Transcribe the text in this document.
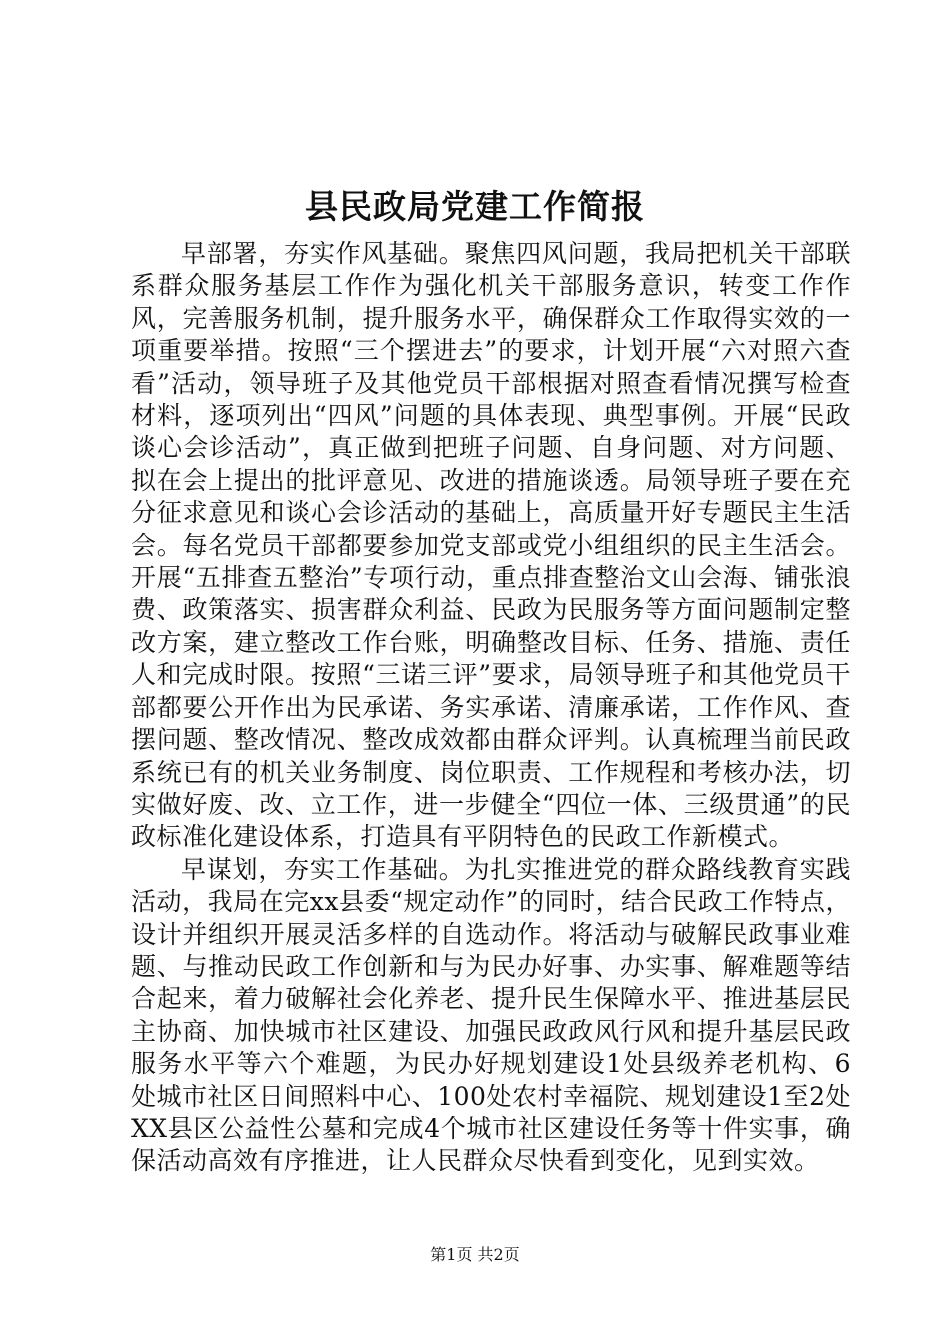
县民政局党建工作简报

早部署，夯实作风基础。聚焦四风问题，我局把机关干部联系群众服务基层工作作为强化机关干部服务意识，转变工作作风，完善服务机制，提升服务水平，确保群众工作取得实效的一项重要举措。按照“三个摆进去”的要求，计划开展“六对照六查看”活动，领导班子及其他党员干部根据对照查看情况撰写检查材料，逐项列出“四风”问题的具体表现、典型事例。开展“民政谈心会诊活动”，真正做到把班子问题、自身问题、对方问题、拟在会上提出的批评意见、改进的措施谈透。局领导班子要在充分征求意见和谈心会诊活动的基础上，高质量开好专题民主生活会。每名党员干部都要参加党支部或党小组组织的民主生活会。开展“五排查五整治”专项行动，重点排查整治文山会海、铺张浪费、政策落实、损害群众利益、民政为民服务等方面问题制定整改方案，建立整改工作台账，明确整改目标、任务、措施、责任人和完成时限。按照“三诺三评”要求，局领导班子和其他党员干部都要公开作出为民承诺、务实承诺、清廉承诺，工作作风、查摆问题、整改情况、整改成效都由群众评判。认真梳理当前民政系统已有的机关业务制度、岗位职责、工作规程和考核办法，切实做好废、改、立工作，进一步健全“四位一体、三级贯通”的民政标准化建设体系，打造具有平阴特色的民政工作新模式。

早谋划，夯实工作基础。为扎实推进党的群众路线教育实践活动，我局在完xx县委“规定动作”的同时，结合民政工作特点，设计并组织开展灵活多样的自选动作。将活动与破解民政事业难题、与推动民政工作创新和与为民办好事、办实事、解难题等结合起来，着力破解社会化养老、提升民生保障水平、推进基层民主协商、加快城市社区建设、加强民政政风行风和提升基层民政服务水平等六个难题，为民办好规划建设1处县级养老机构、6处城市社区日间照料中心、100处农村幸福院、规划建设1至2处XX县区公益性公墓和完成4个城市社区建设任务等十件实事，确保活动高效有序推进，让人民群众尽快看到变化，见到实效。

第1页 共2页
